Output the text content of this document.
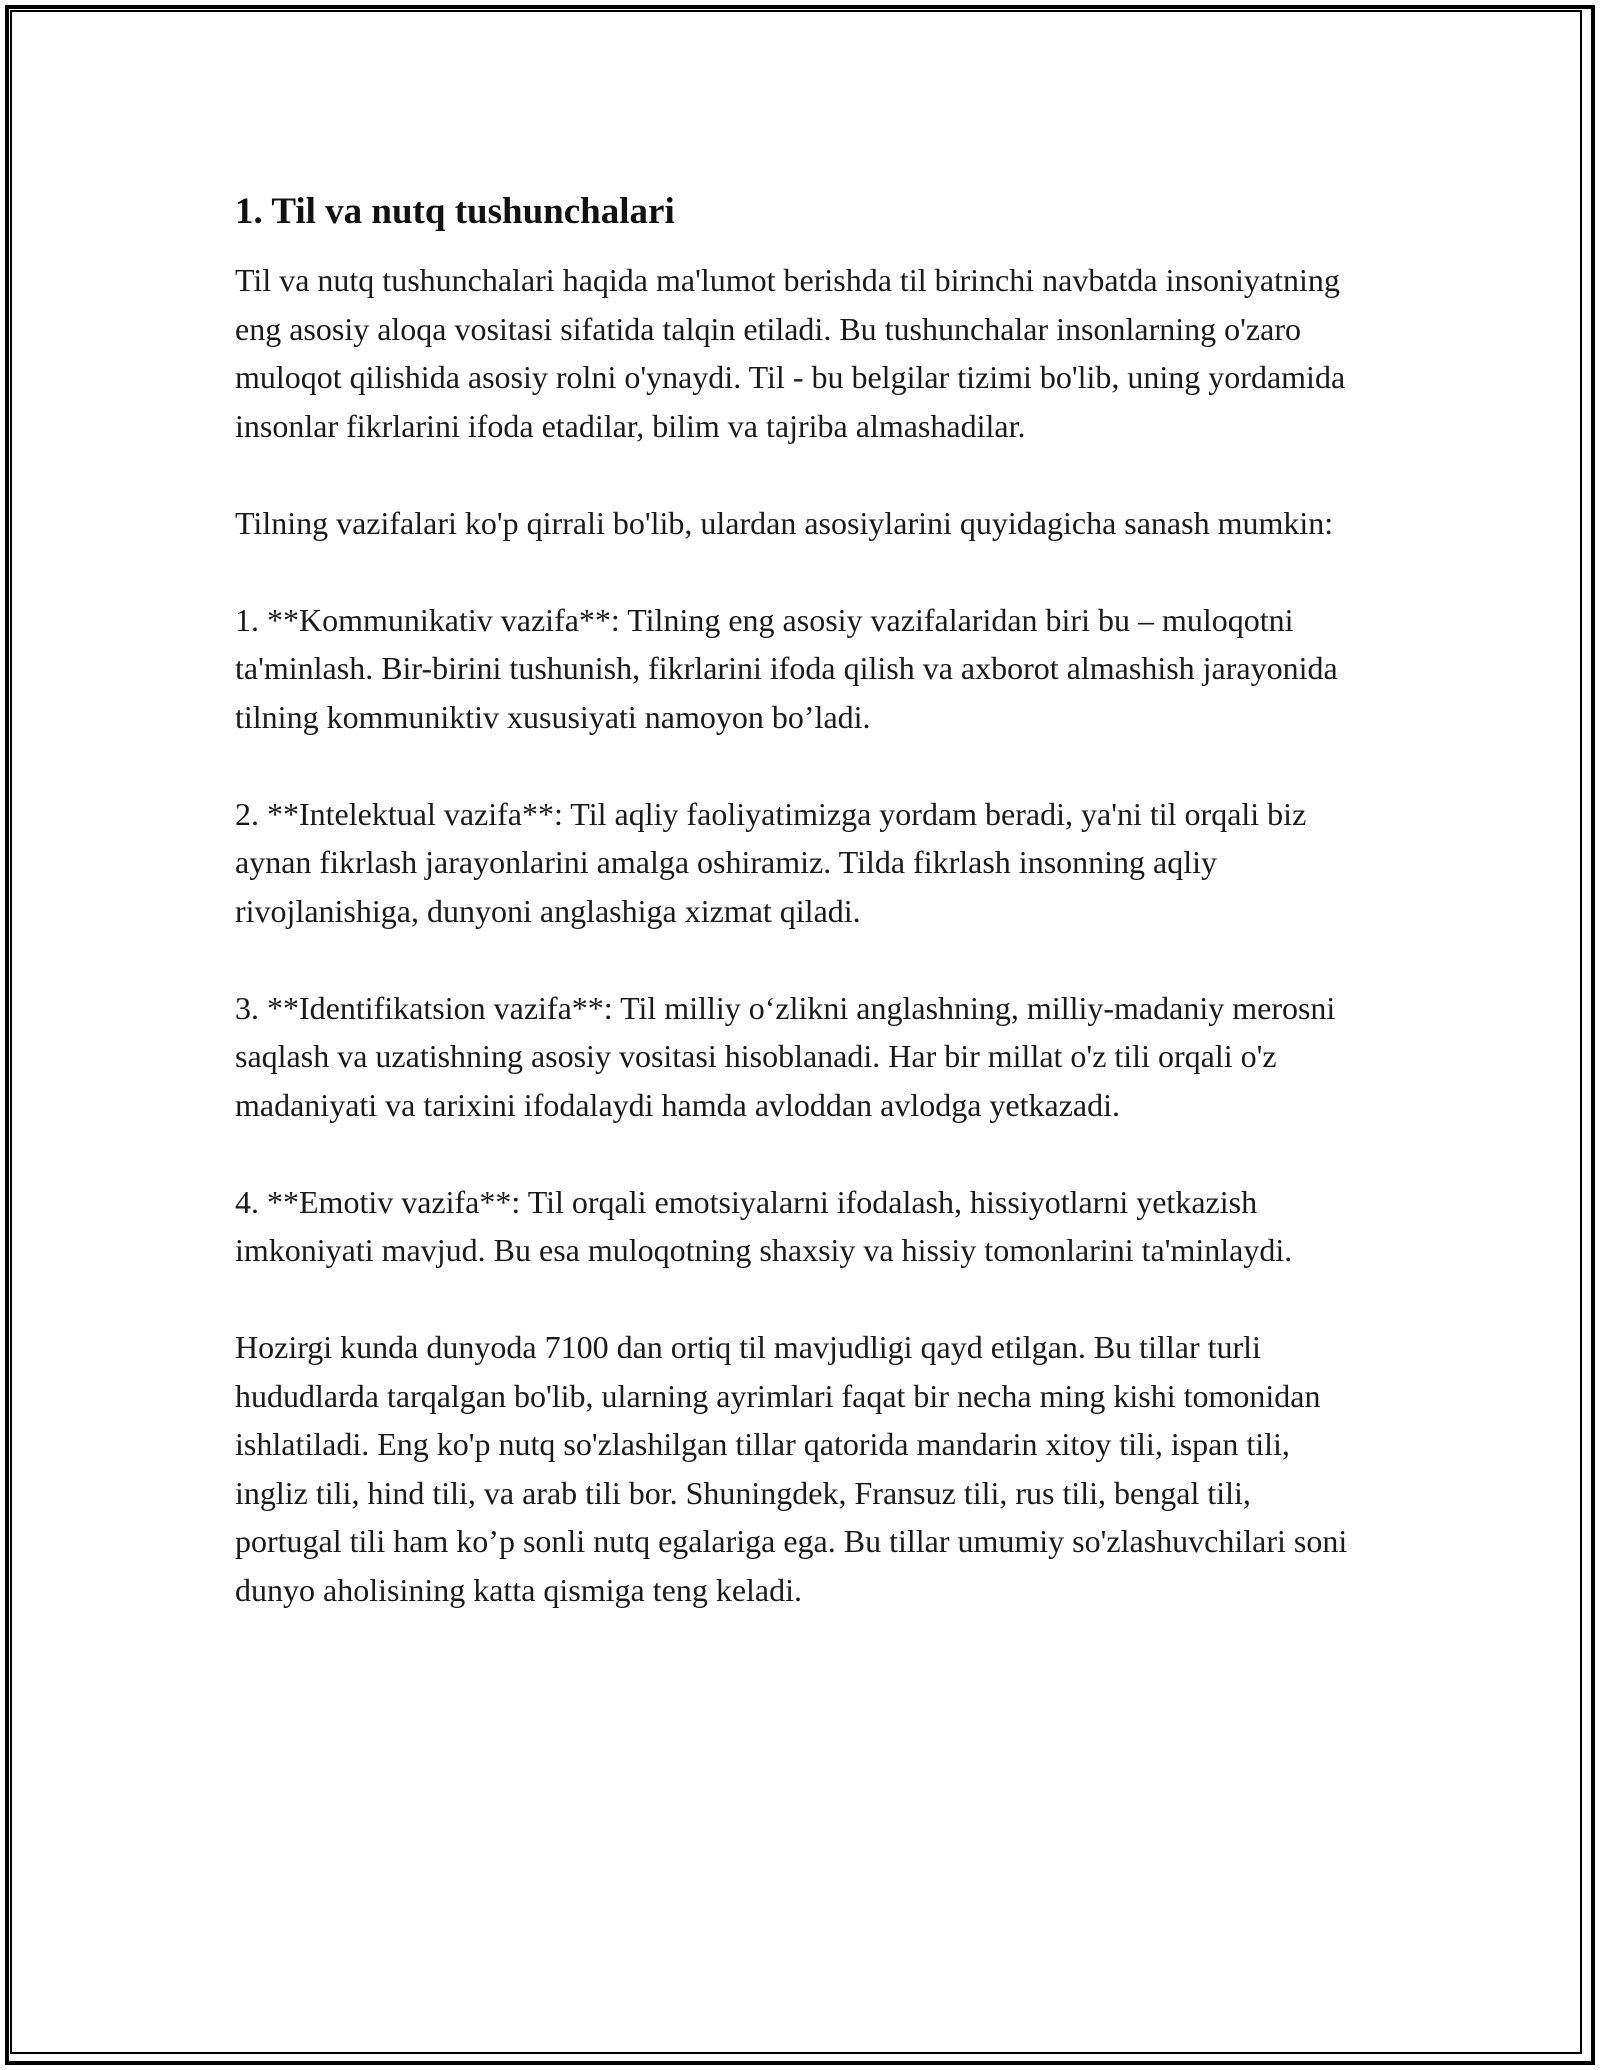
1. Til va nutq tushunchalari

Til va nutq tushunchalari haqida ma'lumot berishda til birinchi navbatda insoniyatning eng asosiy aloqa vositasi sifatida talqin etiladi. Bu tushunchalar insonlarning o'zaro muloqot qilishida asosiy rolni o'ynaydi. Til - bu belgilar tizimi bo'lib, uning yordamida insonlar fikrlarini ifoda etadilar, bilim va tajriba almashadilar.

Tilning vazifalari ko'p qirrali bo'lib, ulardan asosiylarini quyidagicha sanash mumkin:

1. **Kommunikativ vazifa**: Tilning eng asosiy vazifalaridan biri bu – muloqotni ta'minlash. Bir-birini tushunish, fikrlarini ifoda qilish va axborot almashish jarayonida tilning kommuniktiv xususiyati namoyon bo’ladi.

2. **Intelektual vazifa**: Til aqliy faoliyatimizga yordam beradi, ya'ni til orqali biz aynan fikrlash jarayonlarini amalga oshiramiz. Tilda fikrlash insonning aqliy rivojlanishiga, dunyoni anglashiga xizmat qiladi.

3. **Identifikatsion vazifa**: Til milliy o‘zlikni anglashning, milliy-madaniy merosni saqlash va uzatishning asosiy vositasi hisoblanadi. Har bir millat o'z tili orqali o'z madaniyati va tarixini ifodalaydi hamda avloddan avlodga yetkazadi.

4. **Emotiv vazifa**: Til orqali emotsiyalarni ifodalash, hissiyotlarni yetkazish imkoniyati mavjud. Bu esa muloqotning shaxsiy va hissiy tomonlarini ta'minlaydi.

Hozirgi kunda dunyoda 7100 dan ortiq til mavjudligi qayd etilgan. Bu tillar turli hududlarda tarqalgan bo'lib, ularning ayrimlari faqat bir necha ming kishi tomonidan ishlatiladi. Eng ko'p nutq so'zlashilgan tillar qatorida mandarin xitoy tili, ispan tili, ingliz tili, hind tili, va arab tili bor. Shuningdek, Fransuz tili, rus tili, bengal tili, portugal tili ham ko’p sonli nutq egalariga ega. Bu tillar umumiy so'zlashuvchilari soni dunyo aholisining katta qismiga teng keladi.
